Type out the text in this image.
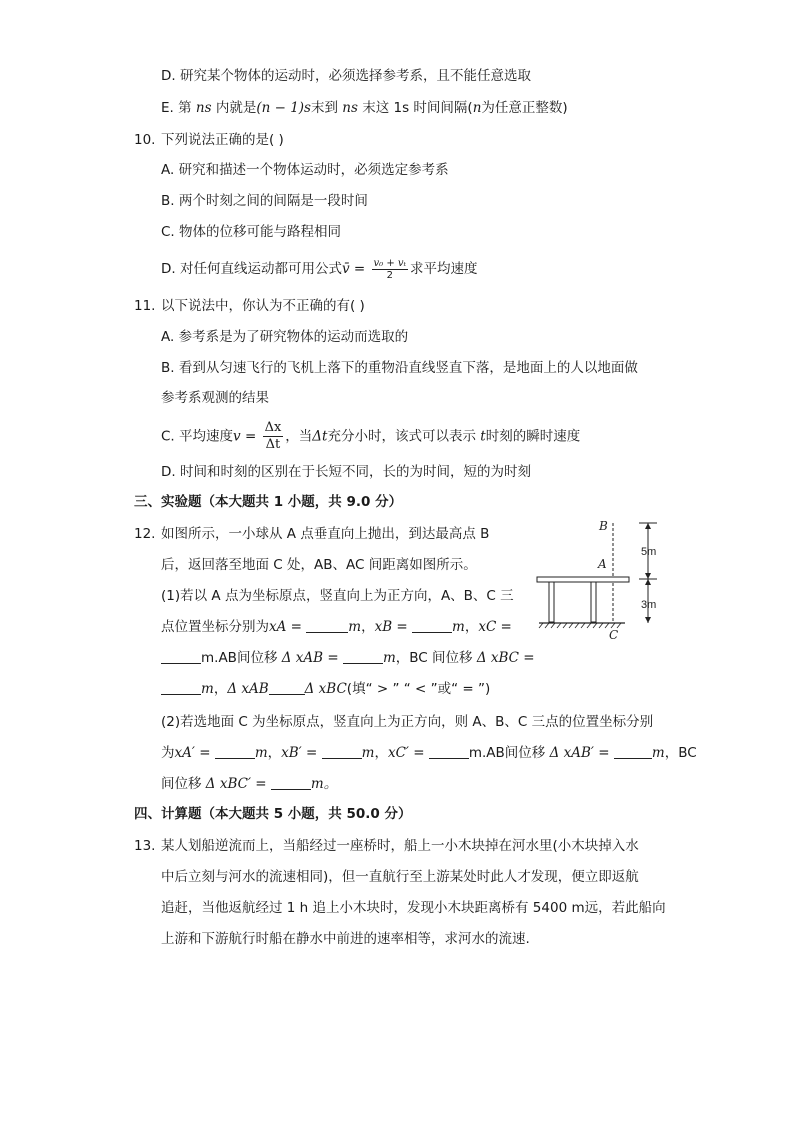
D. 研究某个物体的运动时，必须选择参考系，且不能任意选取
E. 第 ns 内就是(n − 1)s末到 ns 末这 1s 时间间隔(n为任意正整数)
10. 下列说法正确的是( )
A. 研究和描述一个物体运动时，必须选定参考系
B. 两个时刻之间的间隔是一段时间
C. 物体的位移可能与路程相同
D. 对任何直线运动都可用公式v̄ = $\frac{\text{v₀ + vₜ}}{2}$ 求平均速度
11. 以下说法中，你认为不正确的有( )
A. 参考系是为了研究物体的运动而选取的
B. 看到从匀速飞行的飞机上落下的重物沿直线竖直下落，是地面上的人以地面做
参考系观测的结果
C. 平均速度$v = \frac{\Delta x}{\Delta t}$ ，当Δt充分小时，该式可以表示 t时刻的瞬时速度
D. 时间和时刻的区别在于长短不同，长的为时间，短的为时刻
三、实验题（本大题共 1 小题，共 9.0 分）
12. 如图所示，一小球从 A 点垂直向上抛出，到达最高点 B
后，返回落至地面 C 处，AB、AC 间距离如图所示。
(1)若以 A 点为坐标原点，竖直向上为正方向，A、B、C 三
点位置坐标分别为xA =	m，xB =	m，xC =
m.AB间位移 Δ xAB =	m，BC 间位移 Δ xBC =
m，Δ xAB	Δ xBC(填“ > ” “ < ”或“ = ”)
(2)若选地面 C 为坐标原点，竖直向上为正方向，则 A、B、C 三点的位置坐标分别
为xA′ =	m，xB′ =	m，xC′ =	m.AB间位移 Δ xAB′ =	m，BC
间位移 Δ xBC′ =	m。
B
A
C
5m
3m
四、计算题（本大题共 5 小题，共 50.0 分）
13. 某人划船逆流而上，当船经过一座桥时，船上一小木块掉在河水里(小木块掉入水
中后立刻与河水的流速相同)，但一直航行至上游某处时此人才发现，便立即返航
追赶，当他返航经过 1 h 追上小木块时，发现小木块距离桥有 5400 m远，若此船向
上游和下游航行时船在静水中前进的速率相等，求河水的流速.
